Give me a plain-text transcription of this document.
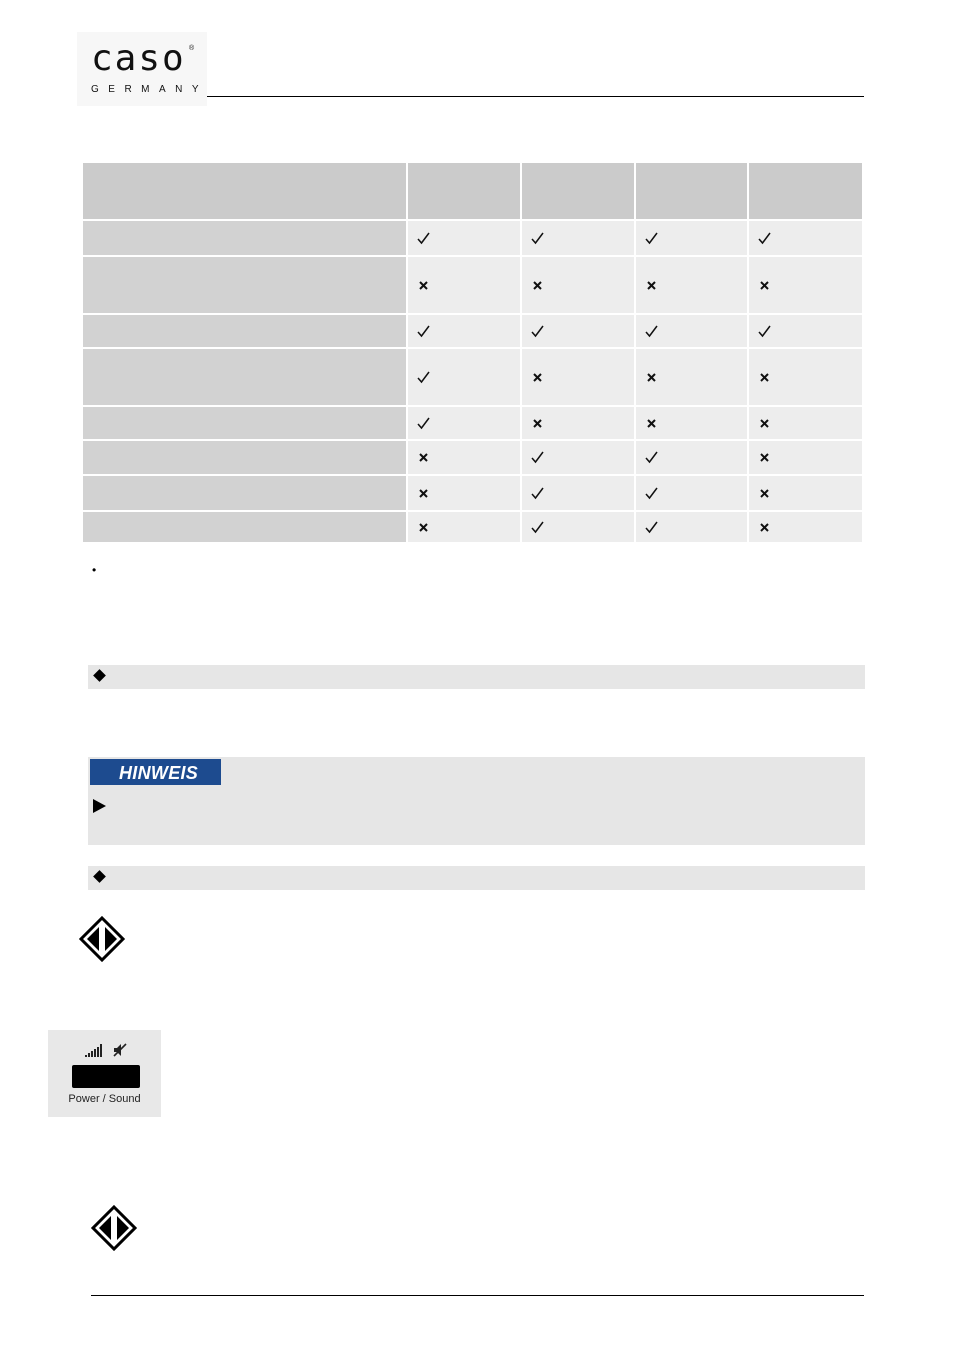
caso ®
GERMANY
•
HINWEIS
Power / Sound
